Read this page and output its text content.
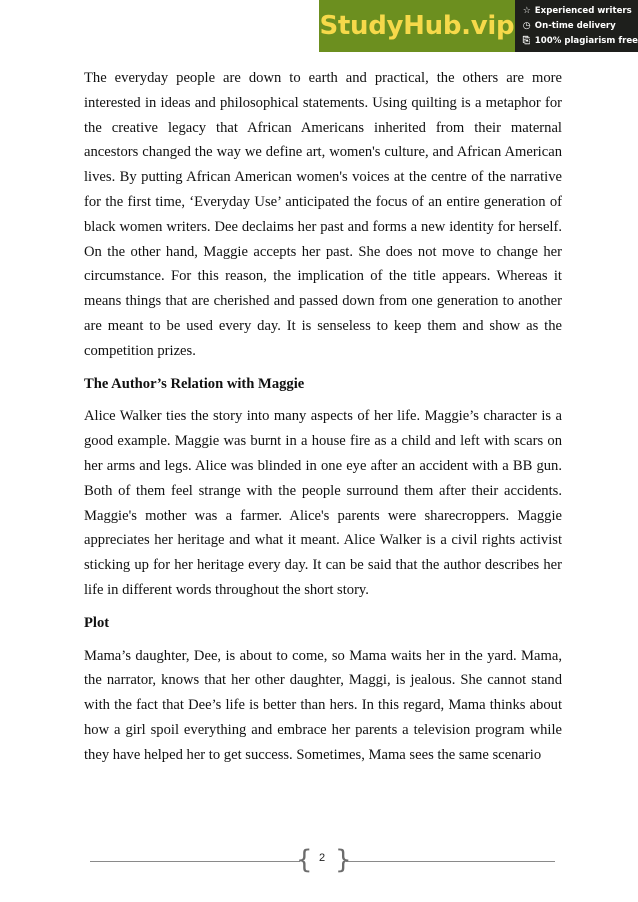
StudyHub.vip ☆ Experienced writers
◷ On-time delivery
⎘ 100% plagiarism free

The everyday people are down to earth and practical, the others are more interested in ideas and philosophical statements. Using quilting is a metaphor for the creative legacy that African Americans inherited from their maternal ancestors changed the way we define art, women's culture, and African American lives. By putting African American women's voices at the centre of the narrative for the first time, ‘Everyday Use’ anticipated the focus of an entire generation of black women writers. Dee declaims her past and forms a new identity for herself. On the other hand, Maggie accepts her past. She does not move to change her circumstance. For this reason, the implication of the title appears. Whereas it means things that are cherished and passed down from one generation to another are meant to be used every day. It is senseless to keep them and show as the competition prizes.

The Author’s Relation with Maggie

Alice Walker ties the story into many aspects of her life. Maggie’s character is a good example. Maggie was burnt in a house fire as a child and left with scars on her arms and legs. Alice was blinded in one eye after an accident with a BB gun. Both of them feel strange with the people surround them after their accidents. Maggie's mother was a farmer. Alice's parents were sharecroppers. Maggie appreciates her heritage and what it meant. Alice Walker is a civil rights activist sticking up for her heritage every day. It can be said that the author describes her life in different words throughout the short story.

Plot

Mama’s daughter, Dee, is about to come, so Mama waits her in the yard. Mama, the narrator, knows that her other daughter, Maggi, is jealous. She cannot stand with the fact that Dee’s life is better than hers. In this regard, Mama thinks about how a girl spoil everything and embrace her parents a television program while they have helped her to get success. Sometimes, Mama sees the same scenario

{ 2 }
